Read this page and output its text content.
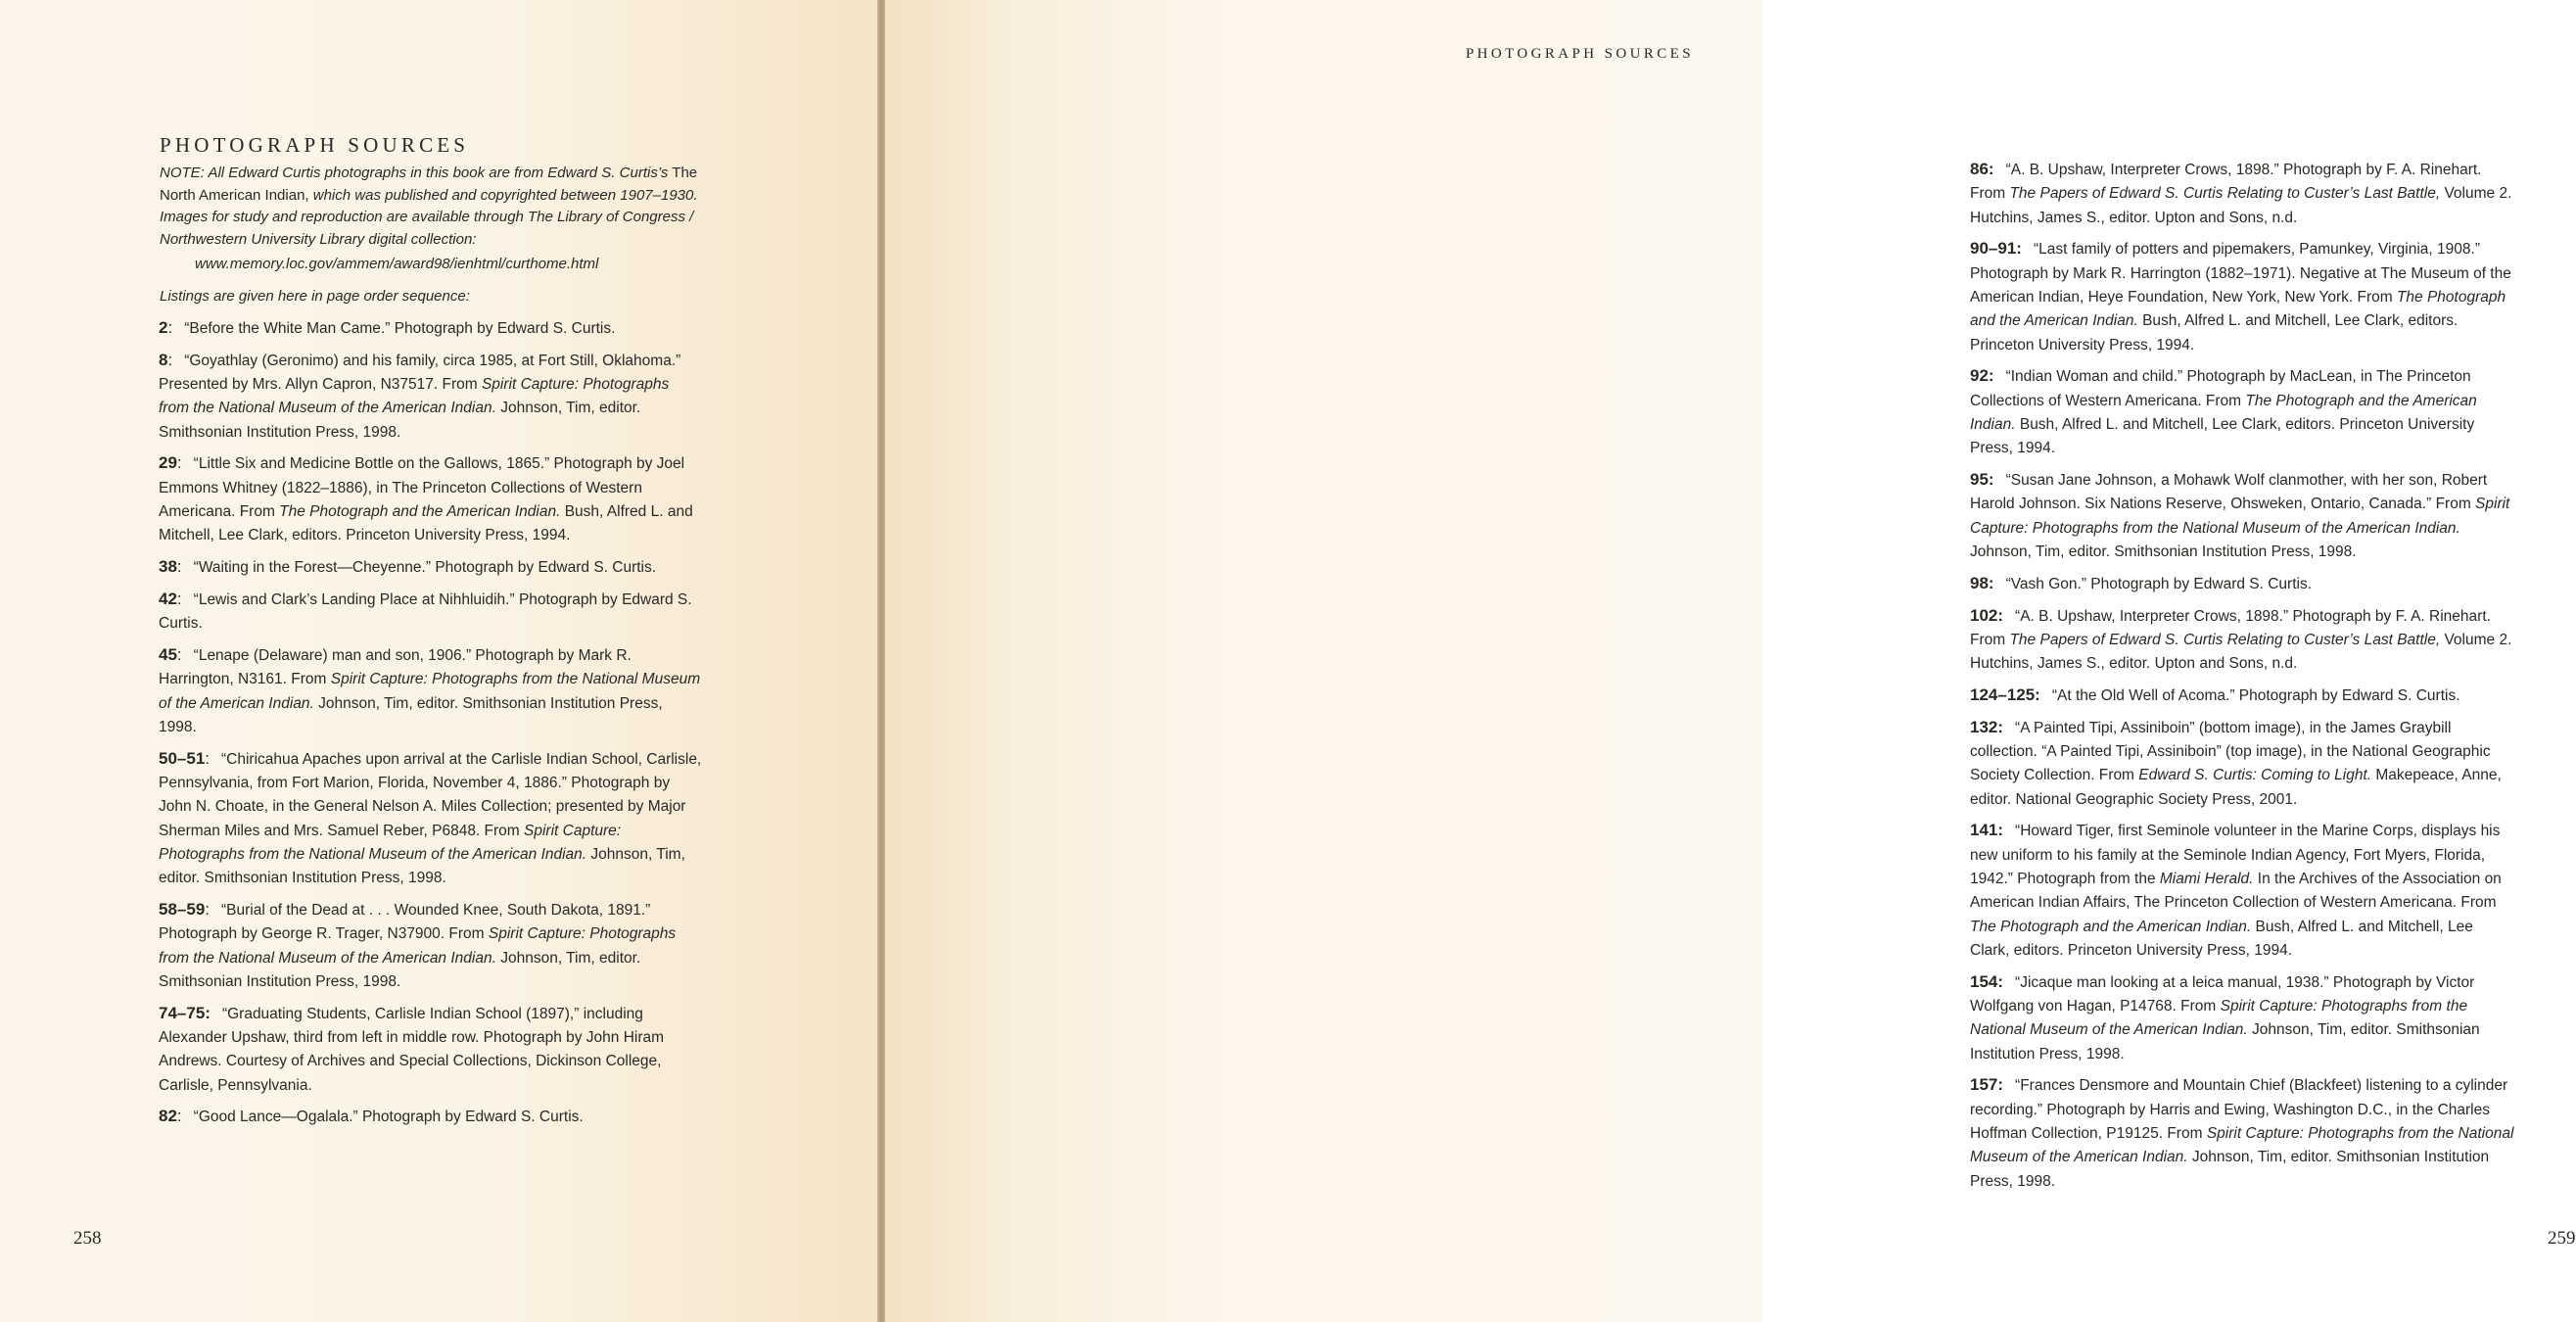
PHOTOGRAPH SOURCES
NOTE: All Edward Curtis photographs in this book are from Edward S. Curtis’s The North American Indian, which was published and copyrighted between 1907–1930. Images for study and reproduction are available through The Library of Congress / Northwestern University Library digital collection:
www.memory.loc.gov/ammem/award98/ienhtml/curthome.html
Listings are given here in page order sequence:
2: “Before the White Man Came.” Photograph by Edward S. Curtis.
8: “Goyathlay (Geronimo) and his family, circa 1985, at Fort Still, Oklahoma.” Presented by Mrs. Allyn Capron, N37517. From Spirit Capture: Photographs from the National Museum of the American Indian. Johnson, Tim, editor. Smithsonian Institution Press, 1998.
29: “Little Six and Medicine Bottle on the Gallows, 1865.” Photograph by Joel Emmons Whitney (1822–1886), in The Princeton Collections of Western Americana. From The Photograph and the American Indian. Bush, Alfred L. and Mitchell, Lee Clark, editors. Princeton University Press, 1994.
38: “Waiting in the Forest—Cheyenne.” Photograph by Edward S. Curtis.
42: “Lewis and Clark’s Landing Place at Nihhluidih.” Photograph by Edward S. Curtis.
45: “Lenape (Delaware) man and son, 1906.” Photograph by Mark R. Harrington, N3161. From Spirit Capture: Photographs from the National Museum of the American Indian. Johnson, Tim, editor. Smithsonian Institution Press, 1998.
50–51: “Chiricahua Apaches upon arrival at the Carlisle Indian School, Carlisle, Pennsylvania, from Fort Marion, Florida, November 4, 1886.” Photograph by John N. Choate, in the General Nelson A. Miles Collection; presented by Major Sherman Miles and Mrs. Samuel Reber, P6848. From Spirit Capture: Photographs from the National Museum of the American Indian. Johnson, Tim, editor. Smithsonian Institution Press, 1998.
58–59: “Burial of the Dead at . . . Wounded Knee, South Dakota, 1891.” Photograph by George R. Trager, N37900. From Spirit Capture: Photographs from the National Museum of the American Indian. Johnson, Tim, editor. Smithsonian Institution Press, 1998.
74–75: “Graduating Students, Carlisle Indian School (1897),” including Alexander Upshaw, third from left in middle row. Photograph by John Hiram Andrews. Courtesy of Archives and Special Collections, Dickinson College, Carlisle, Pennsylvania.
82: “Good Lance—Ogalala.” Photograph by Edward S. Curtis.
258
PHOTOGRAPH SOURCES
86: “A. B. Upshaw, Interpreter Crows, 1898.” Photograph by F. A. Rinehart. From The Papers of Edward S. Curtis Relating to Custer’s Last Battle, Volume 2. Hutchins, James S., editor. Upton and Sons, n.d.
90–91: “Last family of potters and pipemakers, Pamunkey, Virginia, 1908.” Photograph by Mark R. Harrington (1882–1971). Negative at The Museum of the American Indian, Heye Foundation, New York, New York. From The Photograph and the American Indian. Bush, Alfred L. and Mitchell, Lee Clark, editors. Princeton University Press, 1994.
92: “Indian Woman and child.” Photograph by MacLean, in The Princeton Collections of Western Americana. From The Photograph and the American Indian. Bush, Alfred L. and Mitchell, Lee Clark, editors. Princeton University Press, 1994.
95: “Susan Jane Johnson, a Mohawk Wolf clanmother, with her son, Robert Harold Johnson. Six Nations Reserve, Ohsweken, Ontario, Canada.” From Spirit Capture: Photographs from the National Museum of the American Indian. Johnson, Tim, editor. Smithsonian Institution Press, 1998.
98: “Vash Gon.” Photograph by Edward S. Curtis.
102: “A. B. Upshaw, Interpreter Crows, 1898.” Photograph by F. A. Rinehart. From The Papers of Edward S. Curtis Relating to Custer’s Last Battle, Volume 2. Hutchins, James S., editor. Upton and Sons, n.d.
124–125: “At the Old Well of Acoma.” Photograph by Edward S. Curtis.
132: “A Painted Tipi, Assiniboin” (bottom image), in the James Graybill collection. “A Painted Tipi, Assiniboin” (top image), in the National Geographic Society Collection. From Edward S. Curtis: Coming to Light. Makepeace, Anne, editor. National Geographic Society Press, 2001.
141: “Howard Tiger, first Seminole volunteer in the Marine Corps, displays his new uniform to his family at the Seminole Indian Agency, Fort Myers, Florida, 1942.” Photograph from the Miami Herald. In the Archives of the Association on American Indian Affairs, The Princeton Collection of Western Americana. From The Photograph and the American Indian. Bush, Alfred L. and Mitchell, Lee Clark, editors. Princeton University Press, 1994.
154: “Jicaque man looking at a leica manual, 1938.” Photograph by Victor Wolfgang von Hagan, P14768. From Spirit Capture: Photographs from the National Museum of the American Indian. Johnson, Tim, editor. Smithsonian Institution Press, 1998.
157: “Frances Densmore and Mountain Chief (Blackfeet) listening to a cylinder recording.” Photograph by Harris and Ewing, Washington D.C., in the Charles Hoffman Collection, P19125. From Spirit Capture: Photographs from the National Museum of the American Indian. Johnson, Tim, editor. Smithsonian Institution Press, 1998.
259
